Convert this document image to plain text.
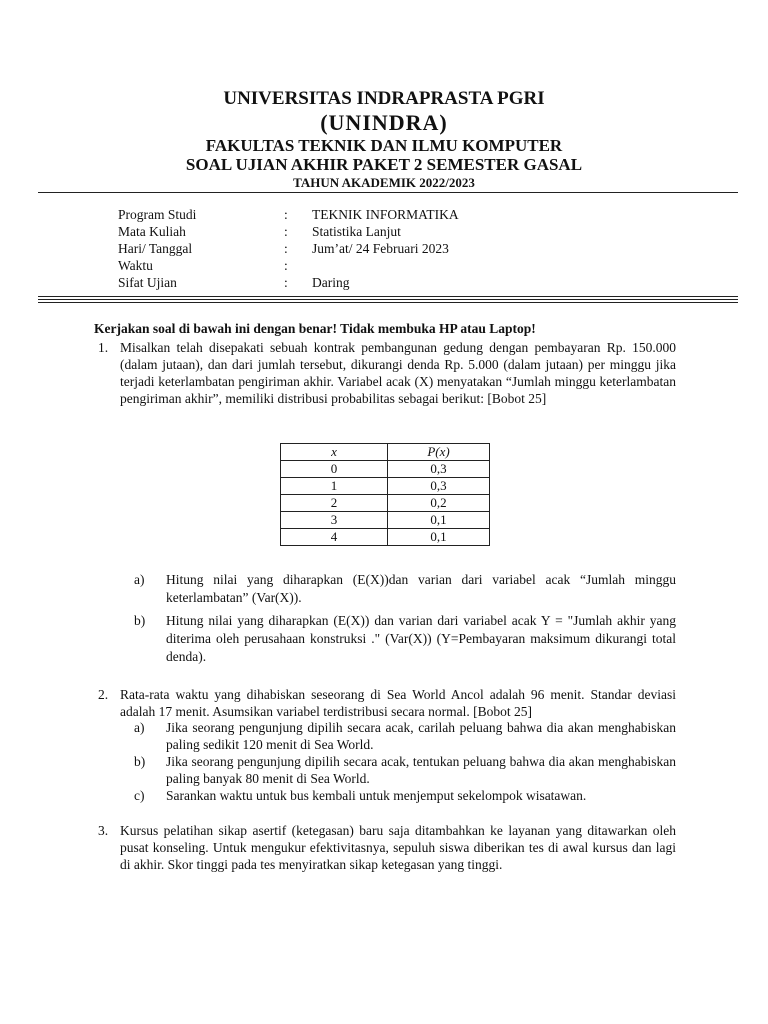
UNIVERSITAS INDRAPRASTA PGRI
(UNINDRA)
FAKULTAS TEKNIK DAN ILMU KOMPUTER
SOAL UJIAN AKHIR PAKET 2 SEMESTER GASAL
TAHUN AKADEMIK 2022/2023
Program Studi	:	TEKNIK INFORMATIKA
Mata Kuliah	:	Statistika Lanjut
Hari/ Tanggal	:	Jum’at/ 24 Februari 2023
Waktu	:
Sifat Ujian	:	Daring
Kerjakan soal di bawah ini dengan benar! Tidak membuka HP atau Laptop!
1. Misalkan telah disepakati sebuah kontrak pembangunan gedung dengan pembayaran Rp. 150.000 (dalam jutaan), dan dari jumlah tersebut, dikurangi denda Rp. 5.000 (dalam jutaan) per minggu jika terjadi keterlambatan pengiriman akhir. Variabel acak (X) menyatakan “Jumlah minggu keterlambatan pengiriman akhir”, memiliki distribusi probabilitas sebagai berikut: [Bobot 25]
x	P(x)
0	0,3
1	0,3
2	0,2
3	0,1
4	0,1
a) Hitung nilai yang diharapkan (E(X))dan varian dari variabel acak “Jumlah minggu keterlambatan” (Var(X)).
b) Hitung nilai yang diharapkan (E(X)) dan varian dari variabel acak Y = "Jumlah akhir yang diterima oleh perusahaan konstruksi ." (Var(X)) (Y=Pembayaran maksimum dikurangi total denda).
2. Rata-rata waktu yang dihabiskan seseorang di Sea World Ancol adalah 96 menit. Standar deviasi adalah 17 menit. Asumsikan variabel terdistribusi secara normal. [Bobot 25]
a) Jika seorang pengunjung dipilih secara acak, carilah peluang bahwa dia akan menghabiskan paling sedikit 120 menit di Sea World.
b) Jika seorang pengunjung dipilih secara acak, tentukan peluang bahwa dia akan menghabiskan paling banyak 80 menit di Sea World.
c) Sarankan waktu untuk bus kembali untuk menjemput sekelompok wisatawan.
3. Kursus pelatihan sikap asertif (ketegasan) baru saja ditambahkan ke layanan yang ditawarkan oleh pusat konseling. Untuk mengukur efektivitasnya, sepuluh siswa diberikan tes di awal kursus dan lagi di akhir. Skor tinggi pada tes menyiratkan sikap ketegasan yang tinggi.
